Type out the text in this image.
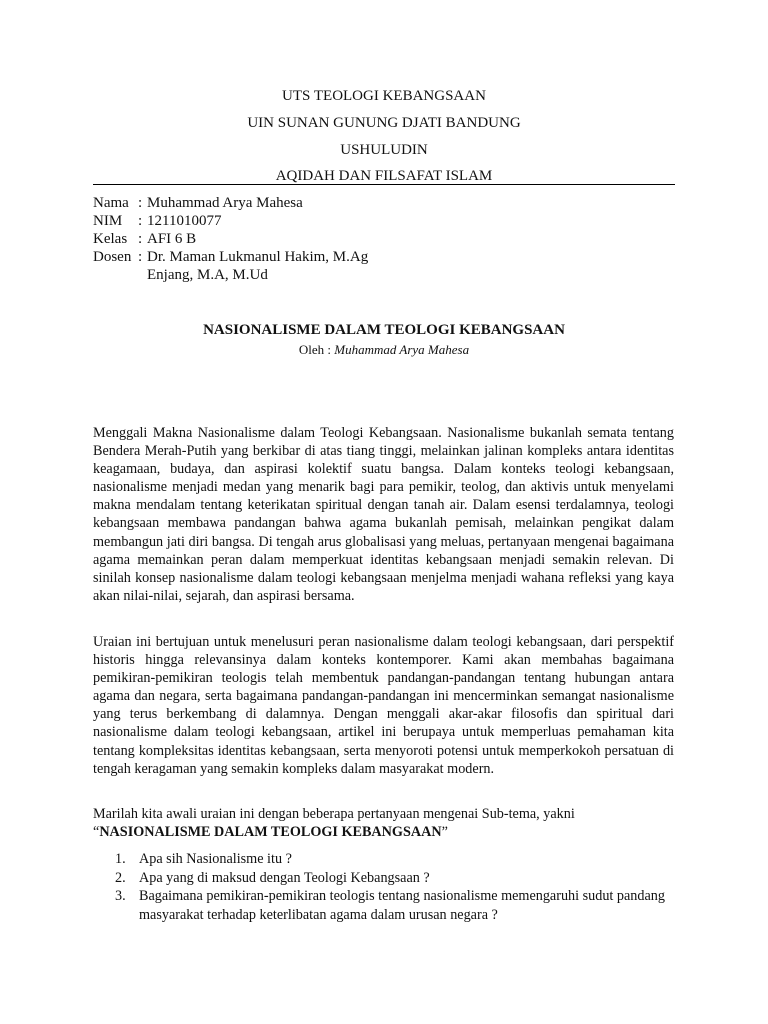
UTS TEOLOGI KEBANGSAAN
UIN SUNAN GUNUNG DJATI BANDUNG
USHULUDIN
AQIDAH DAN FILSAFAT ISLAM
Nama : Muhammad Arya Mahesa
NIM	: 1211010077
Kelas : AFI 6 B
Dosen : Dr. Maman Lukmanul Hakim, M.Ag
Enjang, M.A, M.Ud
NASIONALISME DALAM TEOLOGI KEBANGSAAN
Oleh : Muhammad Arya Mahesa

Menggali Makna Nasionalisme dalam Teologi Kebangsaan. Nasionalisme bukanlah semata tentang Bendera Merah-Putih yang berkibar di atas tiang tinggi, melainkan jalinan kompleks antara identitas keagamaan, budaya, dan aspirasi kolektif suatu bangsa. Dalam konteks teologi kebangsaan, nasionalisme menjadi medan yang menarik bagi para pemikir, teolog, dan aktivis untuk menyelami makna mendalam tentang keterikatan spiritual dengan tanah air. Dalam esensi terdalamnya, teologi kebangsaan membawa pandangan bahwa agama bukanlah pemisah, melainkan pengikat dalam membangun jati diri bangsa. Di tengah arus globalisasi yang meluas, pertanyaan mengenai bagaimana agama memainkan peran dalam memperkuat identitas kebangsaan menjadi semakin relevan. Di sinilah konsep nasionalisme dalam teologi kebangsaan menjelma menjadi wahana refleksi yang kaya akan nilai-nilai, sejarah, dan aspirasi bersama.

Uraian ini bertujuan untuk menelusuri peran nasionalisme dalam teologi kebangsaan, dari perspektif historis hingga relevansinya dalam konteks kontemporer. Kami akan membahas bagaimana pemikiran-pemikiran teologis telah membentuk pandangan-pandangan tentang hubungan antara agama dan negara, serta bagaimana pandangan-pandangan ini mencerminkan semangat nasionalisme yang terus berkembang di dalamnya. Dengan menggali akar-akar filosofis dan spiritual dari nasionalisme dalam teologi kebangsaan, artikel ini berupaya untuk memperluas pemahaman kita tentang kompleksitas identitas kebangsaan, serta menyoroti potensi untuk memperkokoh persatuan di tengah keragaman yang semakin kompleks dalam masyarakat modern.

Marilah kita awali uraian ini dengan beberapa pertanyaan mengenai Sub-tema, yakni
“NASIONALISME DALAM TEOLOGI KEBANGSAAN”

1. Apa sih Nasionalisme itu ?
2. Apa yang di maksud dengan Teologi Kebangsaan ?
3. Bagaimana pemikiran-pemikiran teologis tentang nasionalisme memengaruhi sudut pandang masyarakat terhadap keterlibatan agama dalam urusan negara ?
